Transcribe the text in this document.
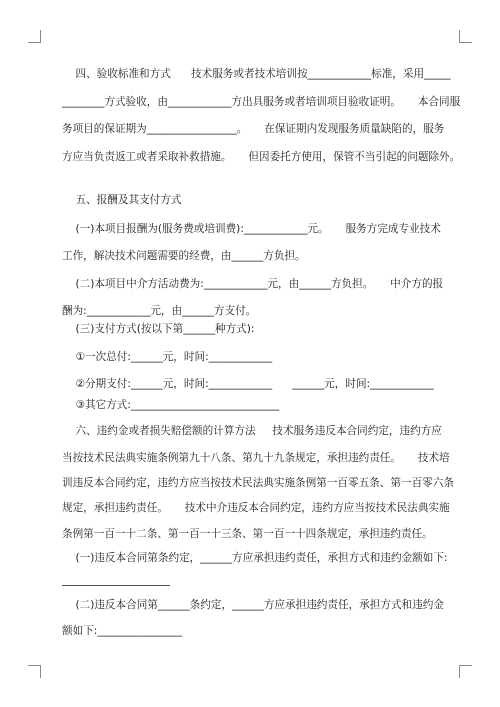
四、验收标准和方式      技术服务或者技术培训按____________标准，采用_____
________方式验收，由____________方出具服务或者培训项目验收证明。     本合同服
务项目的保证期为_________________。     在保证期内发现服务质量缺陷的，服务
方应当负责返工或者采取补救措施。     但因委托方使用，保管不当引起的问题除外。
五、报酬及其支付方式
(一)本项目报酬为(服务费或培训费):____________元。     服务方完成专业技术
工作，解决技术问题需要的经费，由______方负担。
(二)本项目中介方活动费为:____________元，由______方负担。     中介方的报
酬为:____________元，由______方支付。
(三)支付方式(按以下第______种方式):
①一次总付:______元，时间:____________
②分期支付:______元，时间:____________      ______元，时间:____________
③其它方式:____________________________
六、违约金或者损失赔偿额的计算方法     技术服务违反本合同约定，违约方应
当按技术民法典实施条例第九十八条、第九十九条规定，承担违约责任。     技术培
训违反本合同约定，违约方应当按技术民法典实施条例第一百零五条、第一百零六条
规定，承担违约责任。     技术中介违反本合同约定，违约方应当按技术民法典实施
条例第一百一十二条、第一百一十三条、第一百一十四条规定，承担违约责任。
(一)违反本合同第条约定，______方应承担违约责任，承担方式和违约金额如下:
(二)违反本合同第______条约定，______方应承担违约责任，承担方式和违约金
额如下:________________
